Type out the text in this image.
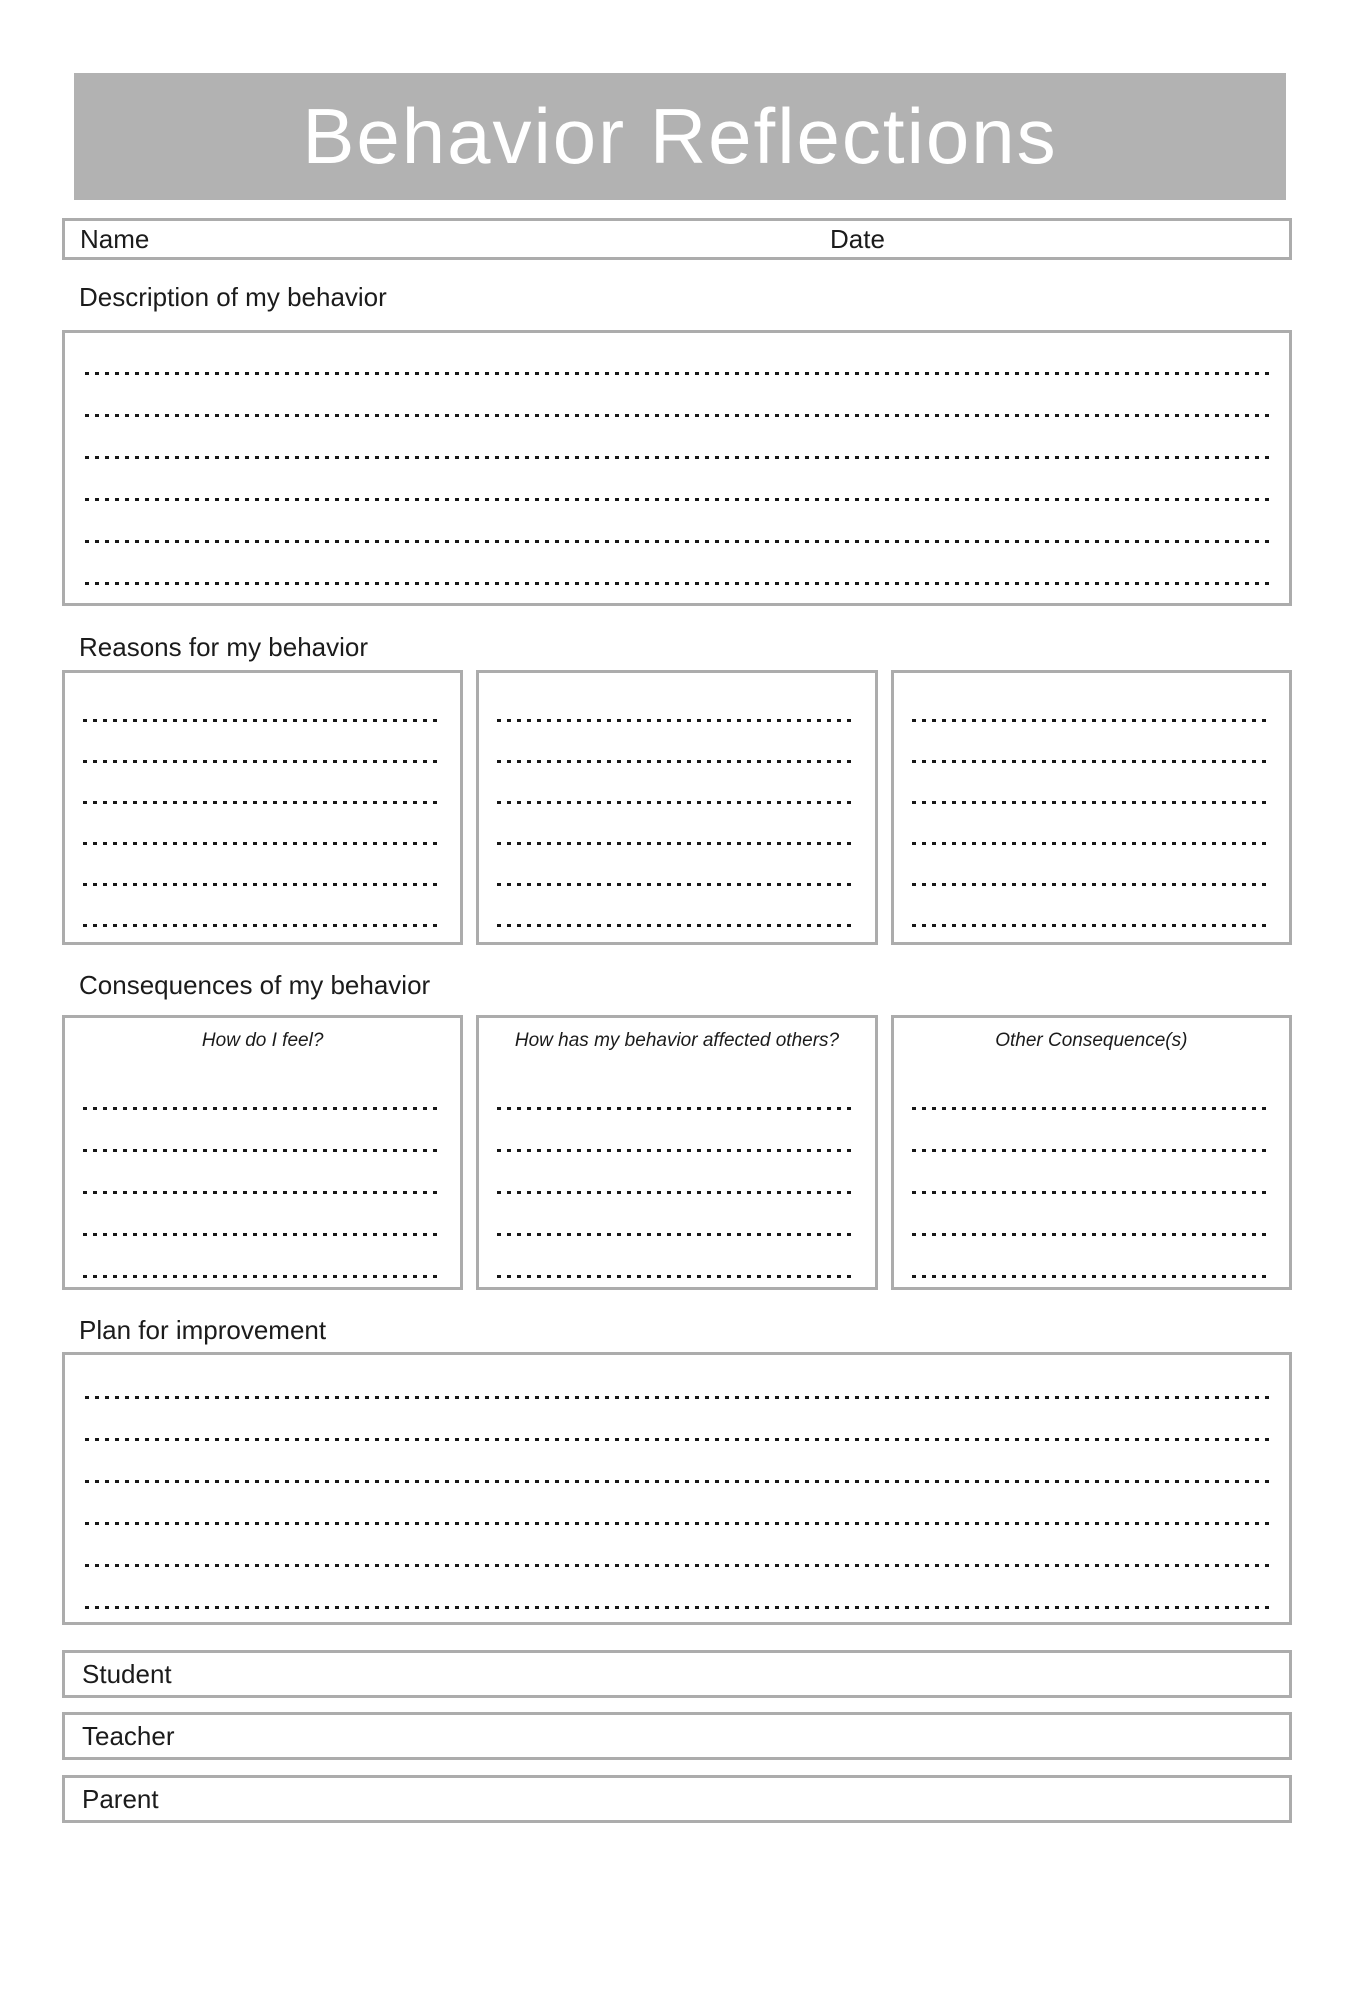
Behavior Reflections
Name	Date
Description of my behavior
Reasons for my behavior
Consequences of my behavior
How do I feel?	How has my behavior affected others?	Other Consequence(s)
Plan for improvement
Student
Teacher
Parent
